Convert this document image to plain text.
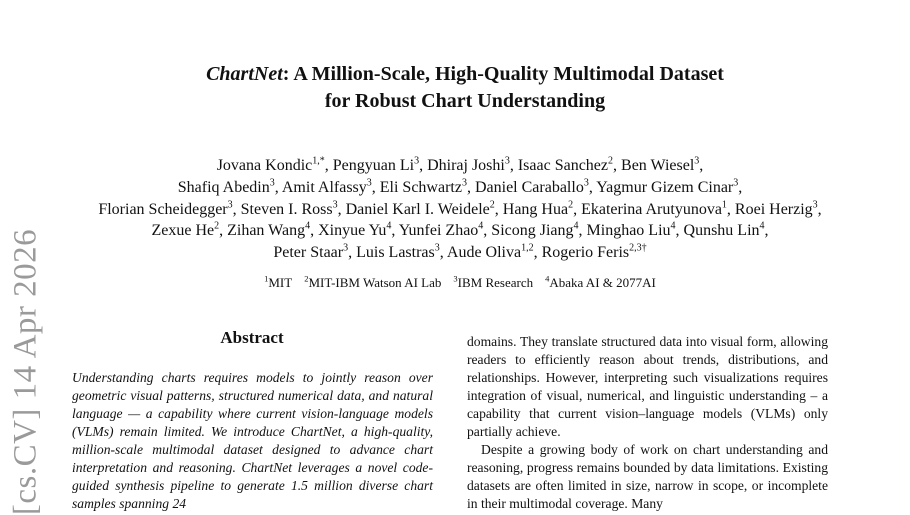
[cs.CV] 14 Apr 2026
ChartNet: A Million-Scale, High-Quality Multimodal Dataset
for Robust Chart Understanding
Jovana Kondic$^{1,*}$, Pengyuan Li$^3$, Dhiraj Joshi$^3$, Isaac Sanchez$^2$, Ben Wiesel$^3$,
Shafiq Abedin$^3$, Amit Alfassy$^3$, Eli Schwartz$^3$, Daniel Caraballo$^3$, Yagmur Gizem Cinar$^3$,
Florian Scheidegger$^3$, Steven I. Ross$^3$, Daniel Karl I. Weidele$^2$, Hang Hua$^2$, Ekaterina Arutyunova$^1$, Roei Herzig$^3$,
Zexue He$^2$, Zihan Wang$^4$, Xinyue Yu$^4$, Yunfei Zhao$^4$, Sicong Jiang$^4$, Minghao Liu$^4$, Qunshu Lin$^4$,
Peter Staar$^3$, Luis Lastras$^3$, Aude Oliva$^{1,2}$, Rogerio Feris$^{2,3\dagger}$
$^1$MIT $^2$MIT-IBM Watson AI Lab $^3$IBM Research $^4$Abaka AI & 2077AI
Abstract
Understanding charts requires models to jointly reason over geometric visual patterns, structured numerical data, and natural language — a capability where current vision-language models (VLMs) remain limited. We introduce ChartNet, a high-quality, million-scale multimodal dataset designed to advance chart interpretation and reasoning. ChartNet leverages a novel code-guided synthesis pipeline to generate 1.5 million diverse chart samples spanning 24

domains. They translate structured data into visual form, allowing readers to efficiently reason about trends, distributions, and relationships. However, interpreting such visualizations requires integration of visual, numerical, and linguistic understanding – a capability that current vision–language models (VLMs) only partially achieve.

Despite a growing body of work on chart understanding and reasoning, progress remains bounded by data limitations. Existing datasets are often limited in size, narrow in scope, or incomplete in their multimodal coverage. Many
